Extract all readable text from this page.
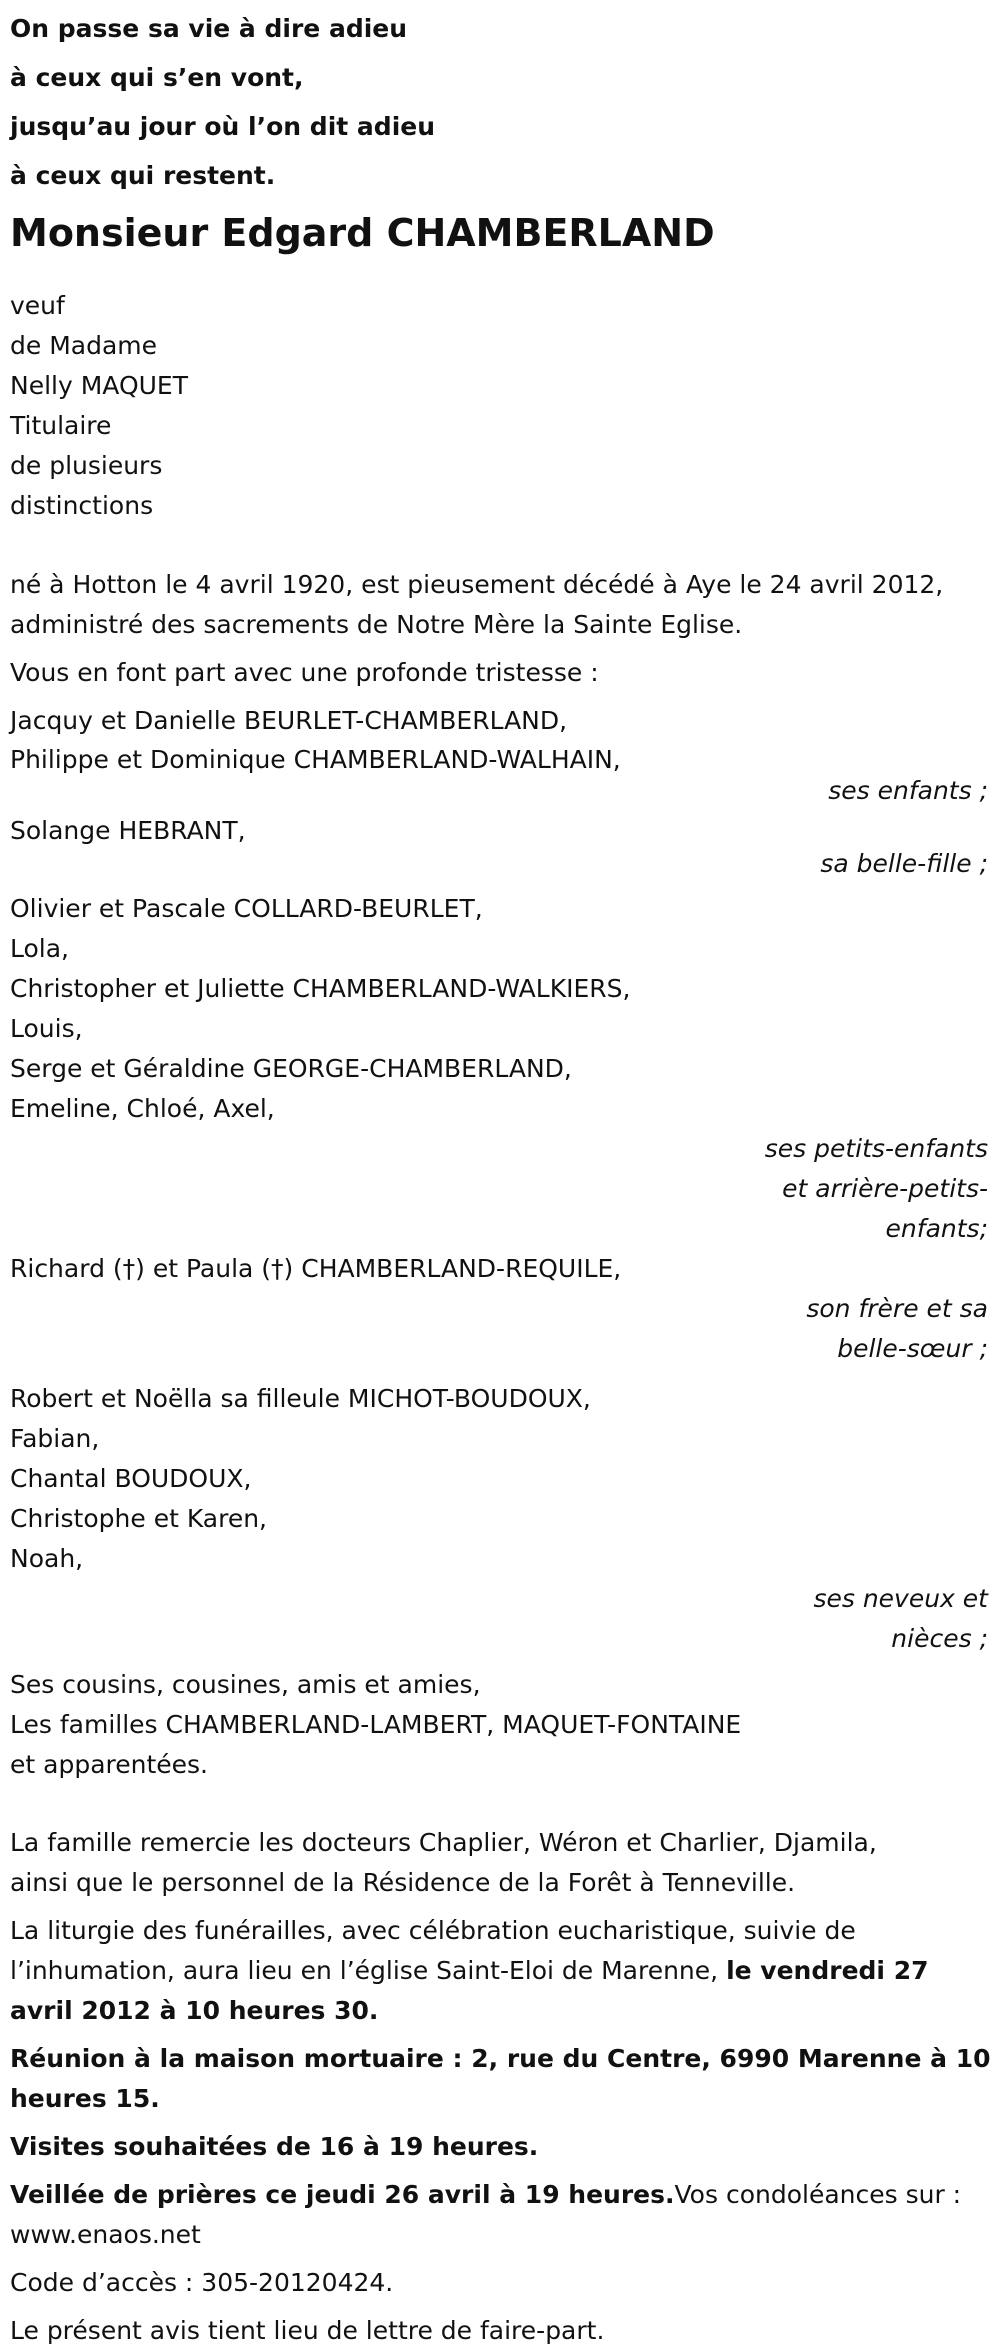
On passe sa vie à dire adieu
à ceux qui s’en vont,
jusqu’au jour où l’on dit adieu
à ceux qui restent.
Monsieur Edgard CHAMBERLAND
veuf
de Madame
Nelly MAQUET
Titulaire
de plusieurs
distinctions
né à Hotton le 4 avril 1920, est pieusement décédé à Aye le 24 avril 2012,
administré des sacrements de Notre Mère la Sainte Eglise.
Vous en font part avec une profonde tristesse :
Jacquy et Danielle BEURLET-CHAMBERLAND,
Philippe et Dominique CHAMBERLAND-WALHAIN,
ses enfants ;
Solange HEBRANT,
sa belle-fille ;
Olivier et Pascale COLLARD-BEURLET,
Lola,
Christopher et Juliette CHAMBERLAND-WALKIERS,
Louis,
Serge et Géraldine GEORGE-CHAMBERLAND,
Emeline, Chloé, Axel,
ses petits-enfants
et arrière-petits-
enfants;
Richard (†) et Paula (†) CHAMBERLAND-REQUILE,
son frère et sa
belle-sœur ;
Robert et Noëlla sa filleule MICHOT-BOUDOUX,
Fabian,
Chantal BOUDOUX,
Christophe et Karen,
Noah,
ses neveux et
nièces ;
Ses cousins, cousines, amis et amies,
Les familles CHAMBERLAND-LAMBERT, MAQUET-FONTAINE
et apparentées.
La famille remercie les docteurs Chaplier, Wéron et Charlier, Djamila,
ainsi que le personnel de la Résidence de la Forêt à Tenneville.
La liturgie des funérailles, avec célébration eucharistique, suivie de
l’inhumation, aura lieu en l’église Saint-Eloi de Marenne, le vendredi 27
avril 2012 à 10 heures 30.
Réunion à la maison mortuaire : 2, rue du Centre, 6990 Marenne à 10
heures 15.
Visites souhaitées de 16 à 19 heures.
Veillée de prières ce jeudi 26 avril à 19 heures.Vos condoléances sur :
www.enaos.net
Code d’accès : 305-20120424.
Le présent avis tient lieu de lettre de faire-part.
